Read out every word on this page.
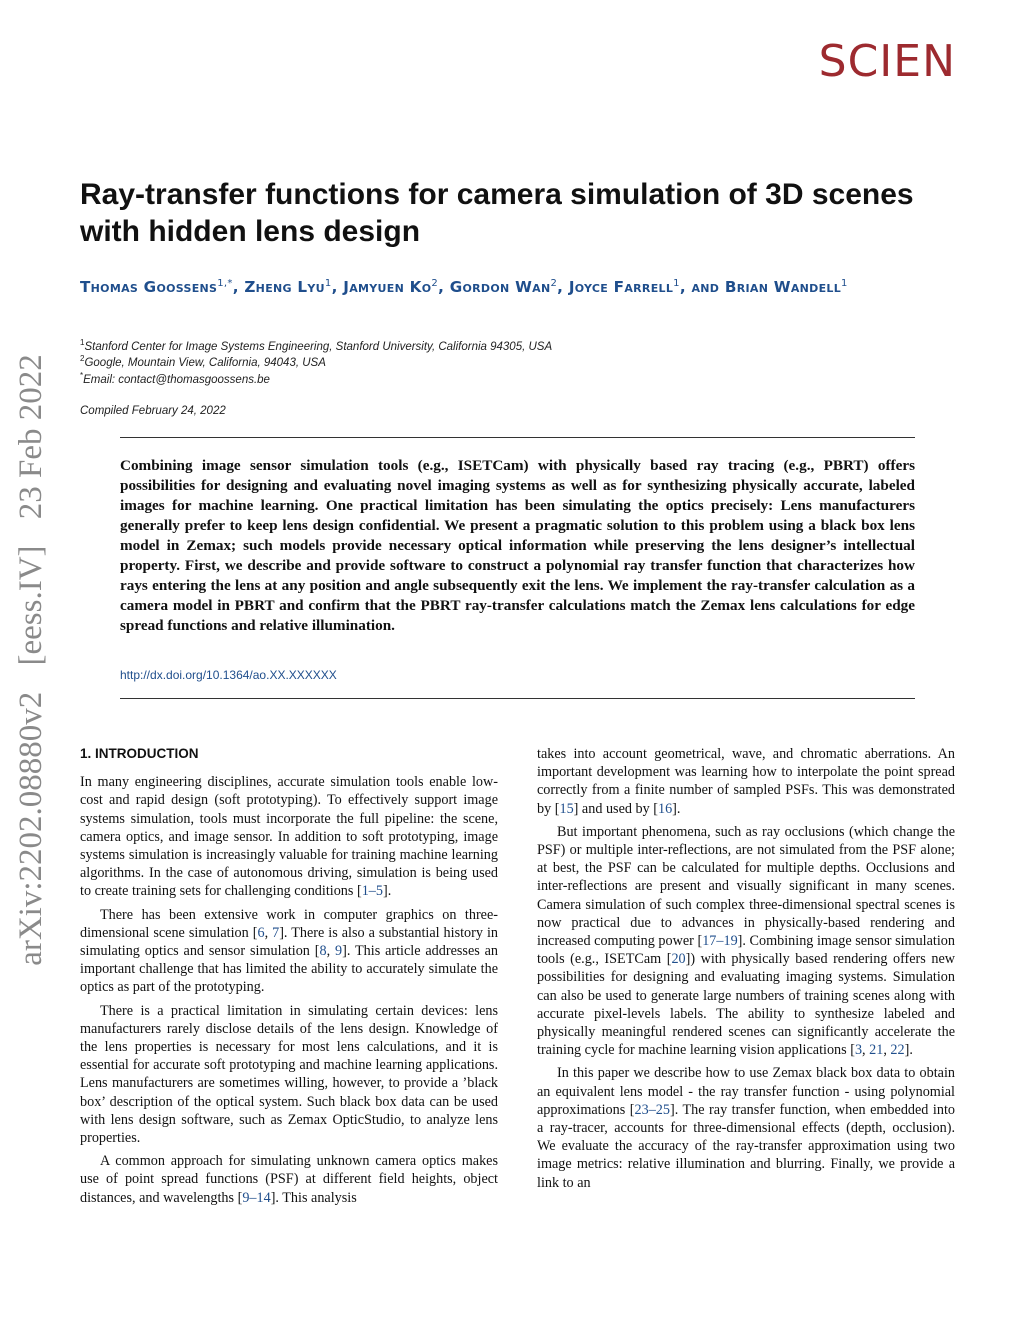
SCIEN
arXiv:2202.08880v2 [eess.IV] 23 Feb 2022
Ray-transfer functions for camera simulation of 3D scenes with hidden lens design
Thomas Goossens$^{1,*}$, Zheng Lyu$^1$, Jamyuen Ko$^2$, Gordon Wan$^2$, Joyce Farrell$^1$, and Brian Wandell$^1$
$^1$Stanford Center for Image Systems Engineering, Stanford University, California 94305, USA
$^2$Google, Mountain View, California, 94043, USA
*Email: contact@thomasgoossens.be
Compiled February 24, 2022
Combining image sensor simulation tools (e.g., ISETCam) with physically based ray tracing (e.g., PBRT) offers possibilities for designing and evaluating novel imaging systems as well as for synthesizing physically accurate, labeled images for machine learning. One practical limitation has been simulating the optics precisely: Lens manufacturers generally prefer to keep lens design confidential. We present a pragmatic solution to this problem using a black box lens model in Zemax; such models provide necessary optical information while preserving the lens designer’s intellectual property. First, we describe and provide software to construct a polynomial ray transfer function that characterizes how rays entering the lens at any position and angle subsequently exit the lens. We implement the ray-transfer calculation as a camera model in PBRT and confirm that the PBRT ray-transfer calculations match the Zemax lens calculations for edge spread functions and relative illumination.
http://dx.doi.org/10.1364/ao.XX.XXXXXX
1. INTRODUCTION

In many engineering disciplines, accurate simulation tools enable low-cost and rapid design (soft prototyping). To effectively support image systems simulation, tools must incorporate the full pipeline: the scene, camera optics, and image sensor. In addition to soft prototyping, image systems simulation is increasingly valuable for training machine learning algorithms. In the case of autonomous driving, simulation is being used to create training sets for challenging conditions [1–5].

There has been extensive work in computer graphics on three-dimensional scene simulation [6, 7]. There is also a substantial history in simulating optics and sensor simulation [8, 9]. This article addresses an important challenge that has limited the ability to accurately simulate the optics as part of the prototyping.

There is a practical limitation in simulating certain devices: lens manufacturers rarely disclose details of the lens design. Knowledge of the lens properties is necessary for most lens calculations, and it is essential for accurate soft prototyping and machine learning applications. Lens manufacturers are sometimes willing, however, to provide a ’black box’ description of the optical system. Such black box data can be used with lens design software, such as Zemax OpticStudio, to analyze lens properties.

A common approach for simulating unknown camera optics makes use of point spread functions (PSF) at different field heights, object distances, and wavelengths [9–14]. This analysis

takes into account geometrical, wave, and chromatic aberrations. An important development was learning how to interpolate the point spread correctly from a finite number of sampled PSFs. This was demonstrated by [15] and used by [16].

But important phenomena, such as ray occlusions (which change the PSF) or multiple inter-reflections, are not simulated from the PSF alone; at best, the PSF can be calculated for multiple depths. Occlusions and inter-reflections are present and visually significant in many scenes. Camera simulation of such complex three-dimensional spectral scenes is now practical due to advances in physically-based rendering and increased computing power [17–19]. Combining image sensor simulation tools (e.g., ISETCam [20]) with physically based rendering offers new possibilities for designing and evaluating imaging systems. Simulation can also be used to generate large numbers of training scenes along with accurate pixel-levels labels. The ability to synthesize labeled and physically meaningful rendered scenes can significantly accelerate the training cycle for machine learning vision applications [3, 21, 22].

In this paper we describe how to use Zemax black box data to obtain an equivalent lens model - the ray transfer function - using polynomial approximations [23–25]. The ray transfer function, when embedded into a ray-tracer, accounts for three-dimensional effects (depth, occlusion). We evaluate the accuracy of the ray-transfer approximation using two image metrics: relative illumination and blurring. Finally, we provide a link to an
